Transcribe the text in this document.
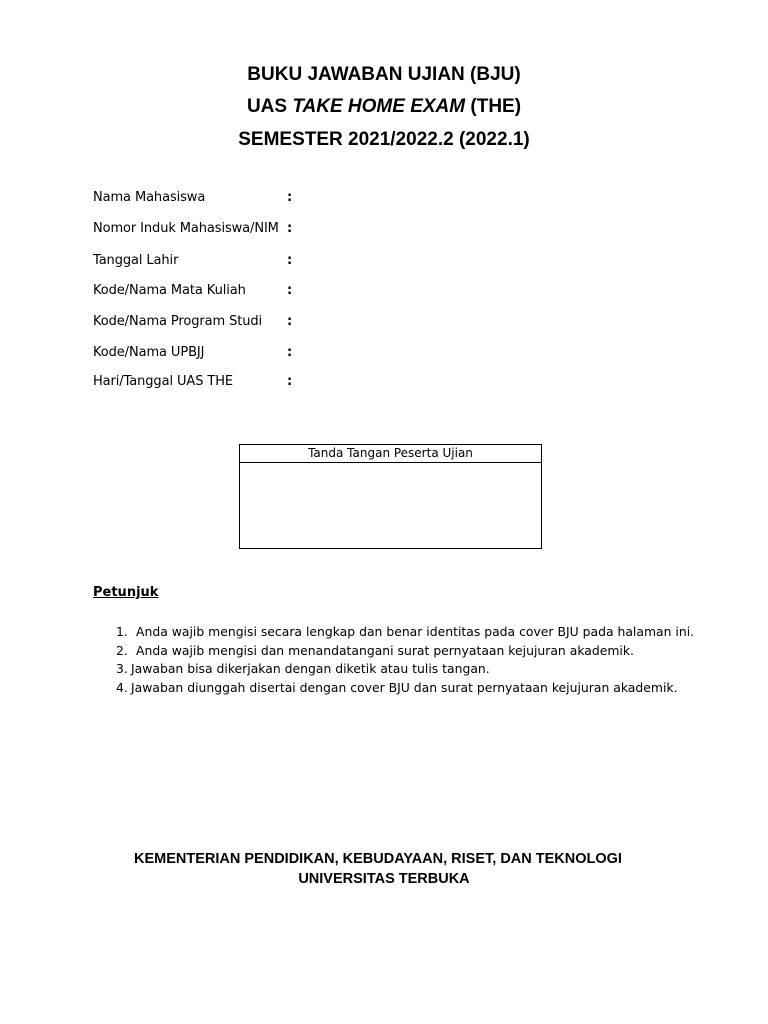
BUKU JAWABAN UJIAN (BJU)
UAS TAKE HOME EXAM (THE)
SEMESTER 2021/2022.2 (2022.1)
Nama Mahasiswa	:
Nomor Induk Mahasiswa/NIM :
Tanggal Lahir	:
Kode/Nama Mata Kuliah	:
Kode/Nama Program Studi :
Kode/Nama UPBJJ	:
Hari/Tanggal UAS THE	:
Tanda Tangan Peserta Ujian
Petunjuk
1. Anda wajib mengisi secara lengkap dan benar identitas pada cover BJU pada halaman ini.
2. Anda wajib mengisi dan menandatangani surat pernyataan kejujuran akademik.
3. Jawaban bisa dikerjakan dengan diketik atau tulis tangan.
4. Jawaban diunggah disertai dengan cover BJU dan surat pernyataan kejujuran akademik.
KEMENTERIAN PENDIDIKAN, KEBUDAYAAN, RISET, DAN TEKNOLOGI
UNIVERSITAS TERBUKA
